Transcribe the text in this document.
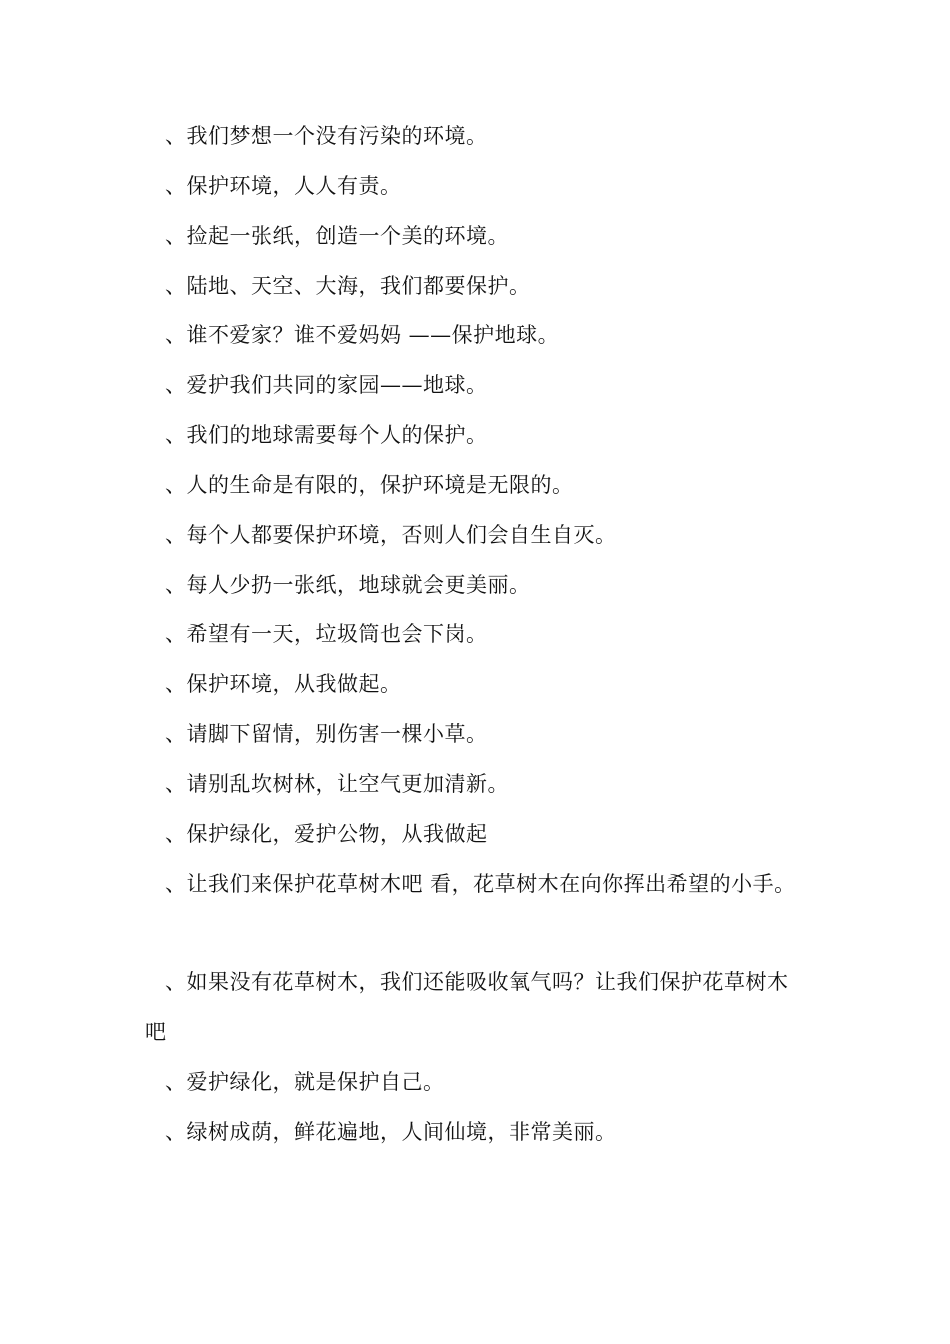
、我们梦想一个没有污染的环境。
、保护环境，人人有责。
、捡起一张纸，创造一个美的环境。
、陆地、天空、大海，我们都要保护。
、谁不爱家？谁不爱妈妈 ——保护地球。
、爱护我们共同的家园——地球。
、我们的地球需要每个人的保护。
、人的生命是有限的，保护环境是无限的。
、每个人都要保护环境，否则人们会自生自灭。
、每人少扔一张纸，地球就会更美丽。
、希望有一天，垃圾筒也会下岗。
、保护环境，从我做起。
、请脚下留情，别伤害一棵小草。
、请别乱坎树林，让空气更加清新。
、保护绿化，爱护公物，从我做起
、让我们来保护花草树木吧 看，花草树木在向你挥出希望的小手。
、如果没有花草树木，我们还能吸收氧气吗？让我们保护花草树木
吧
、爱护绿化，就是保护自己。
、绿树成荫，鲜花遍地，人间仙境，非常美丽。
